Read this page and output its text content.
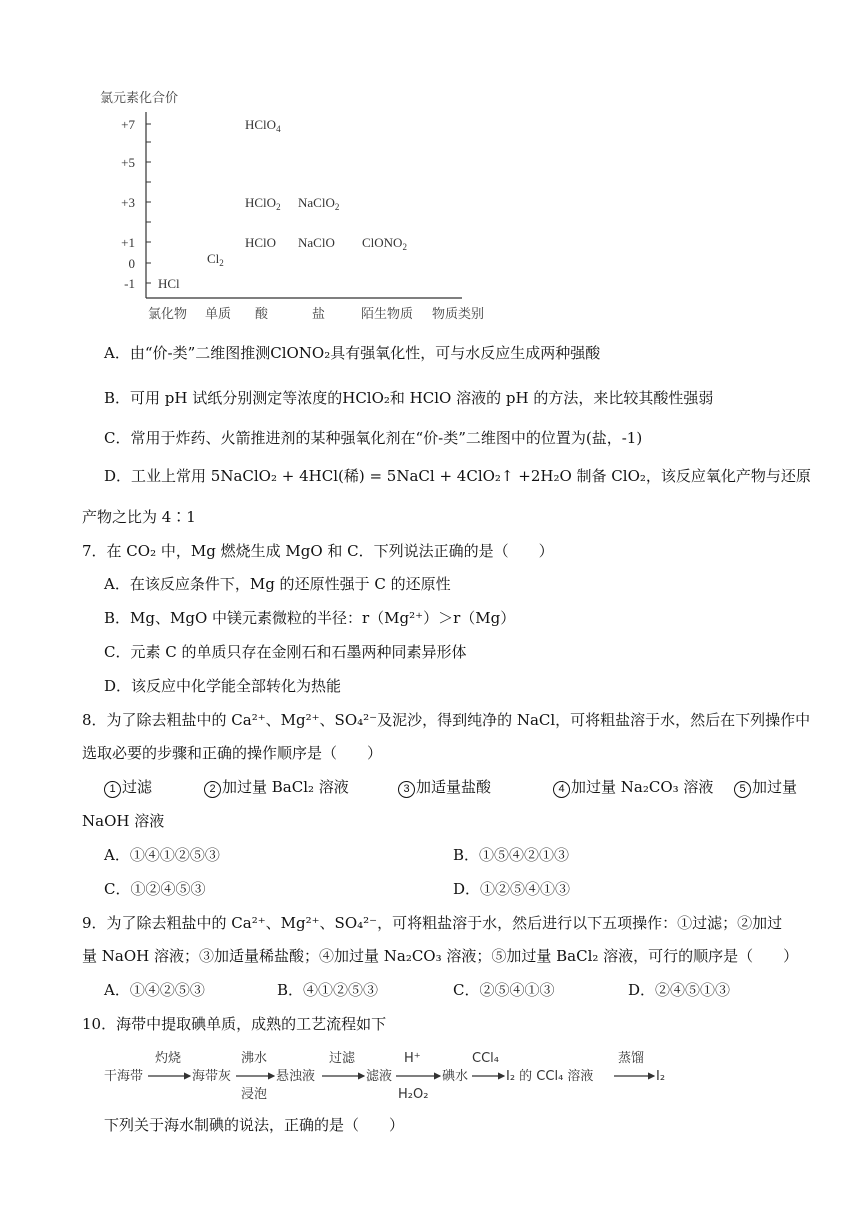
氯元素化合价
+7
+5
+3
+1
0
-1
HClO$_4$
HClO$_2$ NaClO$_2$
HClO NaClO ClONO$_2$
$Cl_2$
HCl
氯化物 单质 酸	盐	陌生物质 物质类别
A．由“价-类”二维图推测ClONO₂具有强氧化性，可与水反应生成两种强酸
B．可用 pH 试纸分别测定等浓度的HClO₂和 HClO 溶液的 pH 的方法，来比较其酸性强弱
C．常用于炸药、火箭推进剂的某种强氧化剂在“价-类”二维图中的位置为(盐，-1)
D．工业上常用 5NaClO₂ + 4HCl(稀) = 5NaCl + 4ClO₂↑ +2H₂O 制备 ClO₂，该反应氧化产物与还原
产物之比为 4∶1
7．在 CO₂ 中，Mg 燃烧生成 MgO 和 C．下列说法正确的是（　　）
A．在该反应条件下，Mg 的还原性强于 C 的还原性
B．Mg、MgO 中镁元素微粒的半径：r（Mg²⁺）＞r（Mg）
C．元素 C 的单质只存在金刚石和石墨两种同素异形体
D．该反应中化学能全部转化为热能
8．为了除去粗盐中的 Ca²⁺、Mg²⁺、SO₄²⁻及泥沙，得到纯净的 NaCl，可将粗盐溶于水，然后在下列操作中
选取必要的步骤和正确的操作顺序是（　　）
1 过滤	2 加过量 BaCl₂ 溶液	3 加适量盐酸	4 加过量 Na₂CO₃ 溶液	5 加过量
NaOH 溶液
A．①④①②⑤③	B．①⑤④②①③
C．①②④⑤③	D．①②⑤④①③
9．为了除去粗盐中的 Ca²⁺、Mg²⁺、SO₄²⁻，可将粗盐溶于水，然后进行以下五项操作：①过滤；②加过
量 NaOH 溶液；③加适量稀盐酸；④加过量 Na₂CO₃ 溶液；⑤加过量 BaCl₂ 溶液，可行的顺序是（　　）
A．①④②⑤③	B．④①②⑤③	C．②⑤④①③	D．②④⑤①③
10．海带中提取碘单质，成熟的工艺流程如下
干海带
灼烧
海带灰
沸水
浸泡
悬浊液
过滤
滤液
H⁺
H₂O₂
碘水
CCl₄
I₂ 的 CCl₄ 溶液
蒸馏
I₂
下列关于海水制碘的说法，正确的是（　　）
